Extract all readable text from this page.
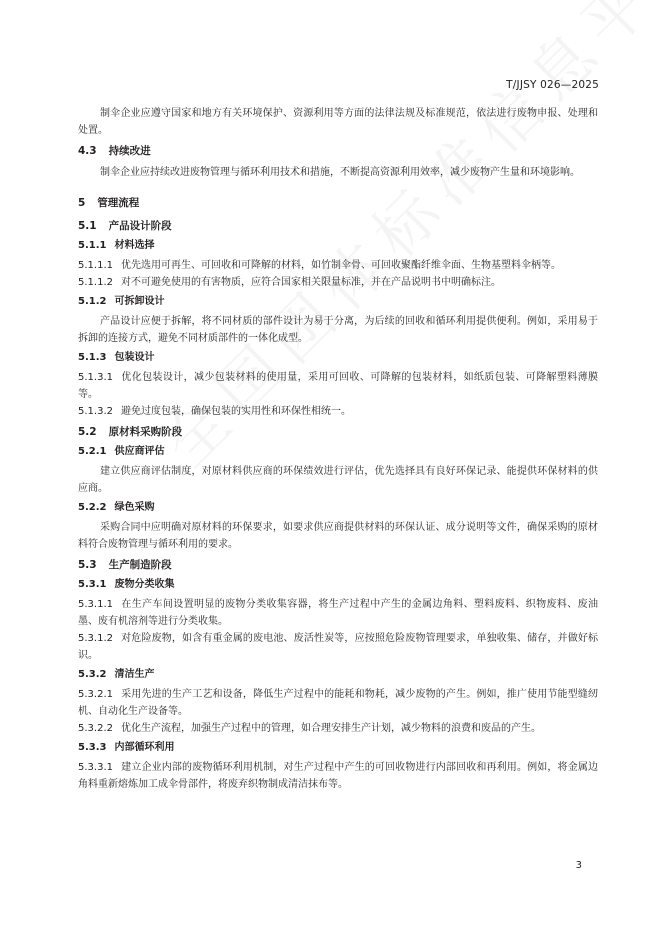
T/JJSY 026—2025

制伞企业应遵守国家和地方有关环境保护、资源利用等方面的法律法规及标准规范，依法进行废物申报、处理和处置。

4.3 持续改进

制伞企业应持续改进废物管理与循环利用技术和措施，不断提高资源利用效率，减少废物产生量和环境影响。

5 管理流程
5.1 产品设计阶段
5.1.1 材料选择

5.1.1.1 优先选用可再生、可回收和可降解的材料，如竹制伞骨、可回收聚酯纤维伞面、生物基塑料伞柄等。

5.1.1.2 对不可避免使用的有害物质，应符合国家相关限量标准，并在产品说明书中明确标注。

5.1.2 可拆卸设计

产品设计应便于拆解，将不同材质的部件设计为易于分离，为后续的回收和循环利用提供便利。例如，采用易于拆卸的连接方式，避免不同材质部件的一体化成型。

5.1.3 包装设计

5.1.3.1 优化包装设计，减少包装材料的使用量，采用可回收、可降解的包装材料，如纸质包装、可降解塑料薄膜等。

5.1.3.2 避免过度包装，确保包装的实用性和环保性相统一。

5.2 原材料采购阶段
5.2.1 供应商评估

建立供应商评估制度，对原材料供应商的环保绩效进行评估，优先选择具有良好环保记录、能提供环保材料的供应商。

5.2.2 绿色采购

采购合同中应明确对原材料的环保要求，如要求供应商提供材料的环保认证、成分说明等文件，确保采购的原材料符合废物管理与循环利用的要求。

5.3 生产制造阶段
5.3.1 废物分类收集

5.3.1.1 在生产车间设置明显的废物分类收集容器，将生产过程中产生的金属边角料、塑料废料、织物废料、废油墨、废有机溶剂等进行分类收集。

5.3.1.2 对危险废物，如含有重金属的废电池、废活性炭等，应按照危险废物管理要求，单独收集、储存，并做好标识。

5.3.2 清洁生产

5.3.2.1 采用先进的生产工艺和设备，降低生产过程中的能耗和物耗，减少废物的产生。例如，推广使用节能型缝纫机、自动化生产设备等。

5.3.2.2 优化生产流程，加强生产过程中的管理，如合理安排生产计划，减少物料的浪费和废品的产生。

5.3.3 内部循环利用

5.3.3.1 建立企业内部的废物循环利用机制，对生产过程中产生的可回收物进行内部回收和再利用。例如，将金属边角料重新熔炼加工成伞骨部件，将废弃织物制成清洁抹布等。

3
